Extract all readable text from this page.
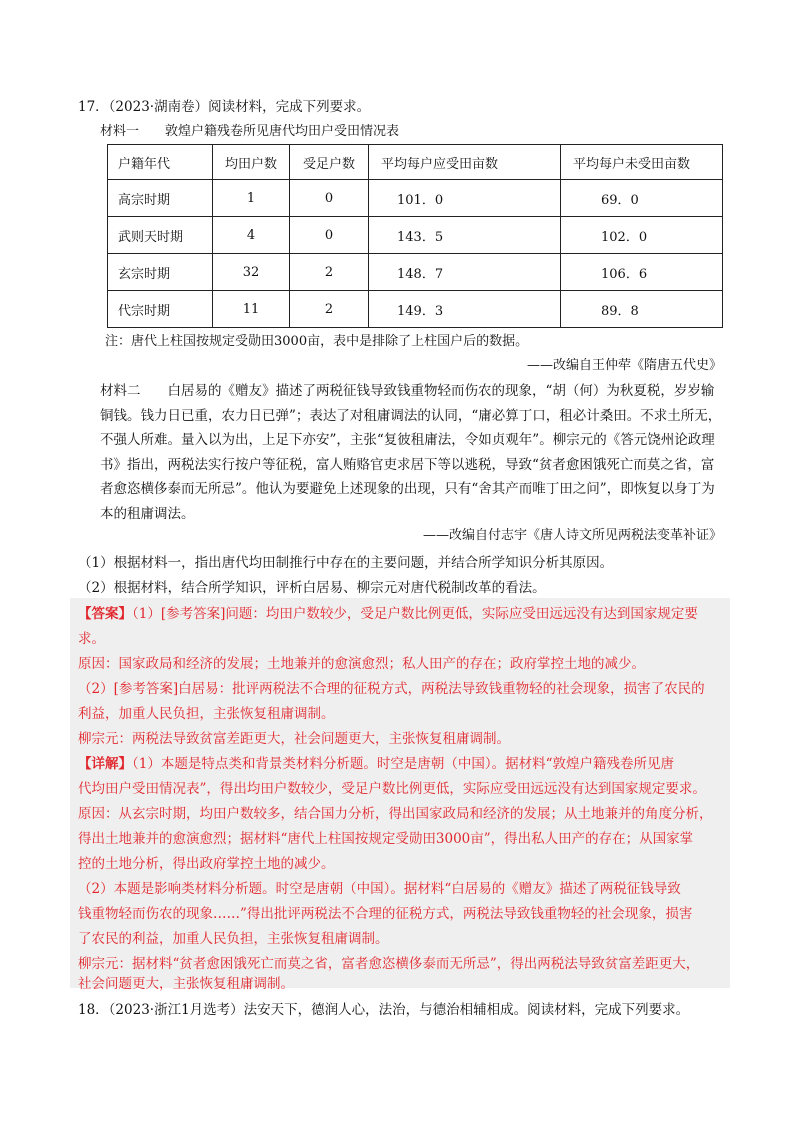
17．（2023·湖南卷）阅读材料，完成下列要求。
材料一　　敦煌户籍残卷所见唐代均田户受田情况表
户籍年代	均田户数	受足户数	平均每户应受田亩数	平均每户未受田亩数
高宗时期	1	0	101．0	69．0
武则天时期	4	0	143．5	102．0
玄宗时期	32	2	148．7	106．6
代宗时期	11	2	149．3	89．8
注：唐代上柱国按规定受勋田3000亩，表中是排除了上柱国户后的数据。
——改编自王仲荦《隋唐五代史》
材料二　　白居易的《赠友》描述了两税征钱导致钱重物轻而伤农的现象，“胡（何）为秋夏税，岁岁输铜钱。钱力日已重，农力日已弹”；表达了对租庸调法的认同，“庸必算丁口，租必计桑田。不求土所无，不强人所难。量入以为出，上足下亦安”，主张“复彼租庸法，令如贞观年”。柳宗元的《答元饶州论政理书》指出，两税法实行按户等征税，富人贿赂官吏求居下等以逃税，导致“贫者愈困饿死亡而莫之省，富者愈恣横侈泰而无所忌”。他认为要避免上述现象的出现，只有“舍其产而唯丁田之问”，即恢复以身丁为本的租庸调法。
——改编自付志宇《唐人诗文所见两税法变革补证》
（1）根据材料一，指出唐代均田制推行中存在的主要问题，并结合所学知识分析其原因。
（2）根据材料，结合所学知识，评析白居易、柳宗元对唐代税制改革的看法。
【答案】（1）[参考答案]问题：均田户数较少，受足户数比例更低，实际应受田远远没有达到国家规定要
求。
原因：国家政局和经济的发展；土地兼并的愈演愈烈；私人田产的存在；政府掌控土地的减少。
（2）[参考答案]白居易：批评两税法不合理的征税方式，两税法导致钱重物轻的社会现象，损害了农民的
利益，加重人民负担，主张恢复租庸调制。
柳宗元：两税法导致贫富差距更大，社会问题更大，主张恢复租庸调制。
【详解】（1）本题是特点类和背景类材料分析题。时空是唐朝（中国）。据材料“敦煌户籍残卷所见唐
代均田户受田情况表”，得出均田户数较少，受足户数比例更低，实际应受田远远没有达到国家规定要求。
原因：从玄宗时期，均田户数较多，结合国力分析，得出国家政局和经济的发展；从土地兼并的角度分析，
得出土地兼并的愈演愈烈；据材料“唐代上柱国按规定受勋田3000亩”，得出私人田产的存在；从国家掌
控的土地分析，得出政府掌控土地的减少。
（2）本题是影响类材料分析题。时空是唐朝（中国）。据材料“白居易的《赠友》描述了两税征钱导致
钱重物轻而伤农的现象……”得出批评两税法不合理的征税方式，两税法导致钱重物轻的社会现象，损害
了农民的利益，加重人民负担，主张恢复租庸调制。
柳宗元：据材料“贫者愈困饿死亡而莫之省，富者愈恣横侈泰而无所忌”，得出两税法导致贫富差距更大，
社会问题更大，主张恢复租庸调制。
18．（2023·浙江1月选考）法安天下，德润人心，法治，与德治相辅相成。阅读材料，完成下列要求。
